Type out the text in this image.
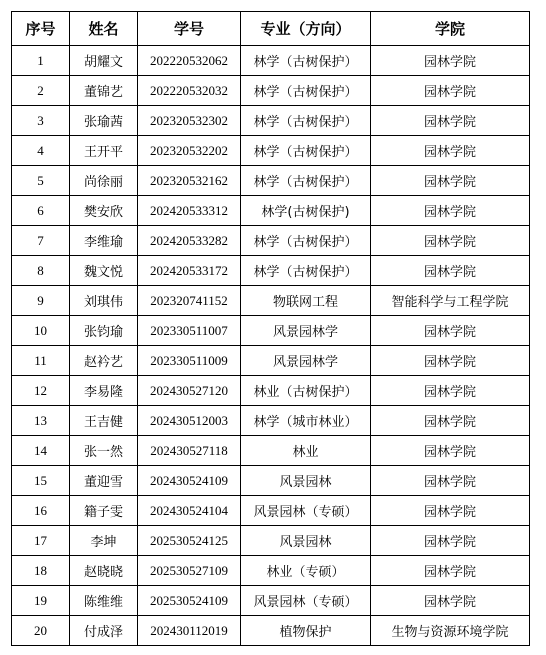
序号	姓名	学号	专业（方向）	学院
1	胡耀文	202220532062	林学（古树保护）	园林学院
2	董锦艺	202220532032	林学（古树保护）	园林学院
3	张瑜茜	202320532302	林学（古树保护）	园林学院
4	王开平	202320532202	林学（古树保护）	园林学院
5	尚徐丽	202320532162	林学（古树保护）	园林学院
6	樊安欣	202420533312	林学(古树保护)	园林学院
7	李维瑜	202420533282	林学（古树保护）	园林学院
8	魏文悦	202420533172	林学（古树保护）	园林学院
9	刘琪伟	202320741152	物联网工程	智能科学与工程学院
10	张钧瑜	202330511007	风景园林学	园林学院
11	赵衿艺	202330511009	风景园林学	园林学院
12	李易隆	202430527120	林业（古树保护）	园林学院
13	王吉健	202430512003	林学（城市林业）	园林学院
14	张一然	202430527118	林业	园林学院
15	董迎雪	202430524109	风景园林	园林学院
16	籍子雯	202430524104	风景园林（专硕）	园林学院
17	李坤	202530524125	风景园林	园林学院
18	赵晓晓	202530527109	林业（专硕）	园林学院
19	陈维维	202530524109	风景园林（专硕）	园林学院
20	付成泽	202430112019	植物保护	生物与资源环境学院
